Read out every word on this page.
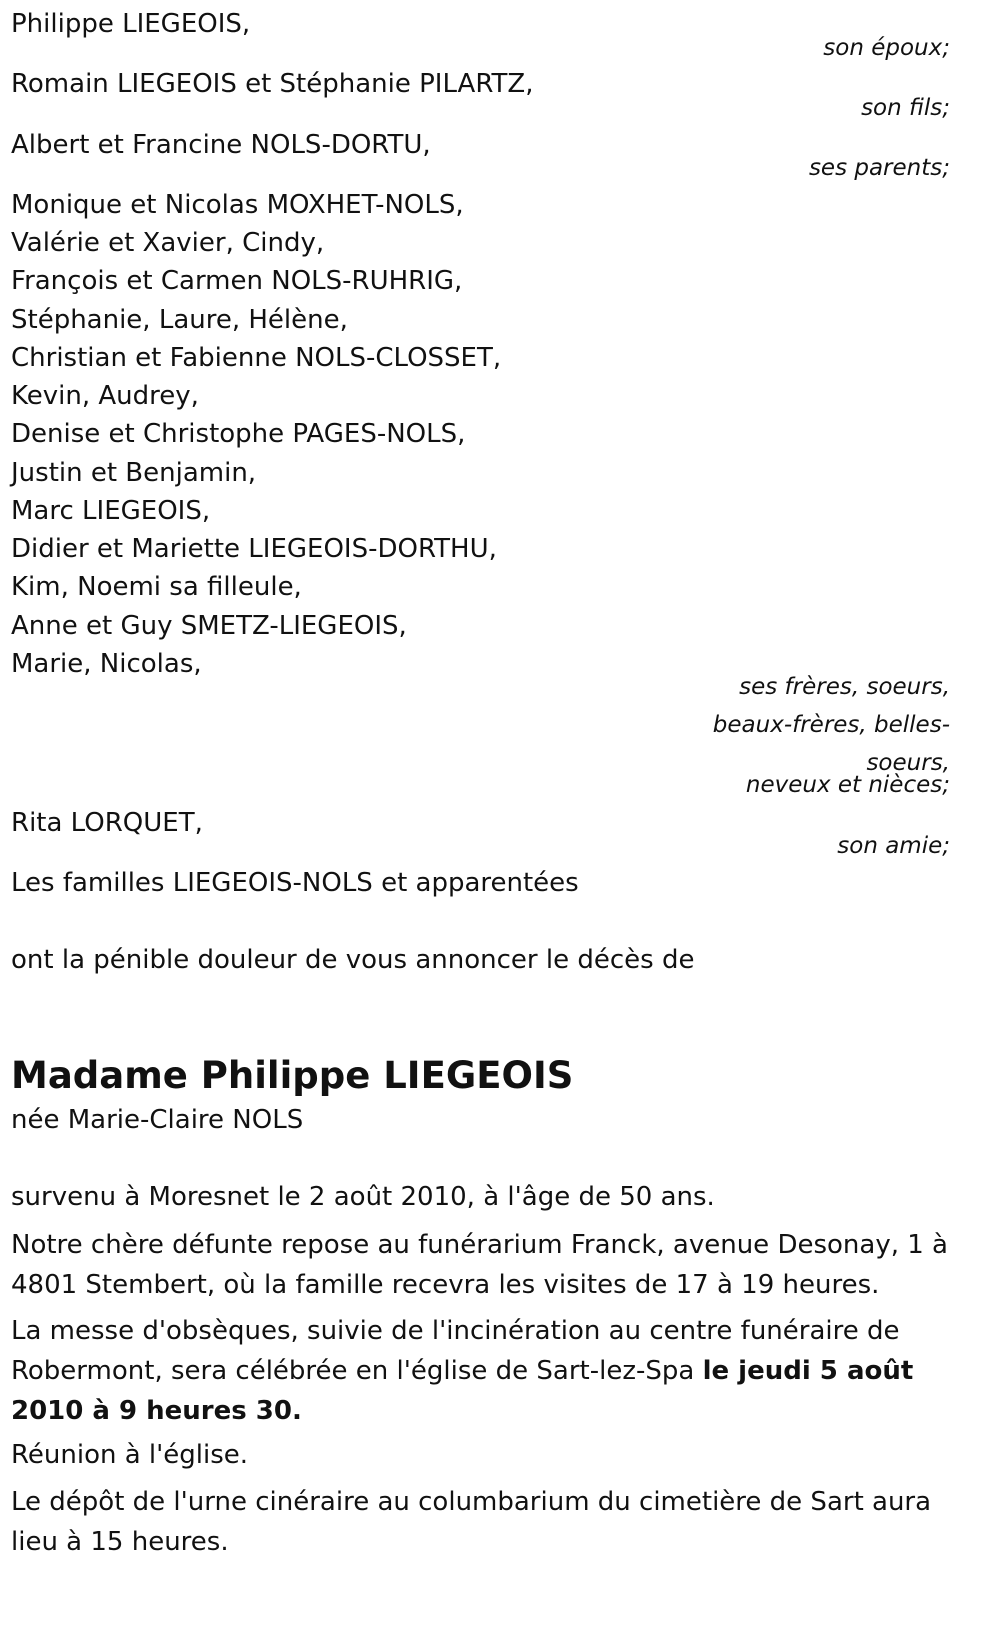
Philippe LIEGEOIS,
son époux;
Romain LIEGEOIS et Stéphanie PILARTZ,
son fils;
Albert et Francine NOLS-DORTU,
ses parents;
Monique et Nicolas MOXHET-NOLS,
Valérie et Xavier, Cindy,
François et Carmen NOLS-RUHRIG,
Stéphanie, Laure, Hélène,
Christian et Fabienne NOLS-CLOSSET,
Kevin, Audrey,
Denise et Christophe PAGES-NOLS,
Justin et Benjamin,
Marc LIEGEOIS,
Didier et Mariette LIEGEOIS-DORTHU,
Kim, Noemi sa filleule,
Anne et Guy SMETZ-LIEGEOIS,
Marie, Nicolas,
ses frères, soeurs,
beaux-frères, belles-
soeurs,
neveux et nièces;
Rita LORQUET,
son amie;
Les familles LIEGEOIS-NOLS et apparentées
ont la pénible douleur de vous annoncer le décès de
Madame Philippe LIEGEOIS
née Marie-Claire NOLS
survenu à Moresnet le 2 août 2010, à l'âge de 50 ans.
Notre chère défunte repose au funérarium Franck, avenue Desonay, 1 à 4801 Stembert, où la famille recevra les visites de 17 à 19 heures.
La messe d'obsèques, suivie de l'incinération au centre funéraire de Robermont, sera célébrée en l'église de Sart-lez-Spa le jeudi 5 août 2010 à 9 heures 30.
Réunion à l'église.
Le dépôt de l'urne cinéraire au columbarium du cimetière de Sart aura lieu à 15 heures.
